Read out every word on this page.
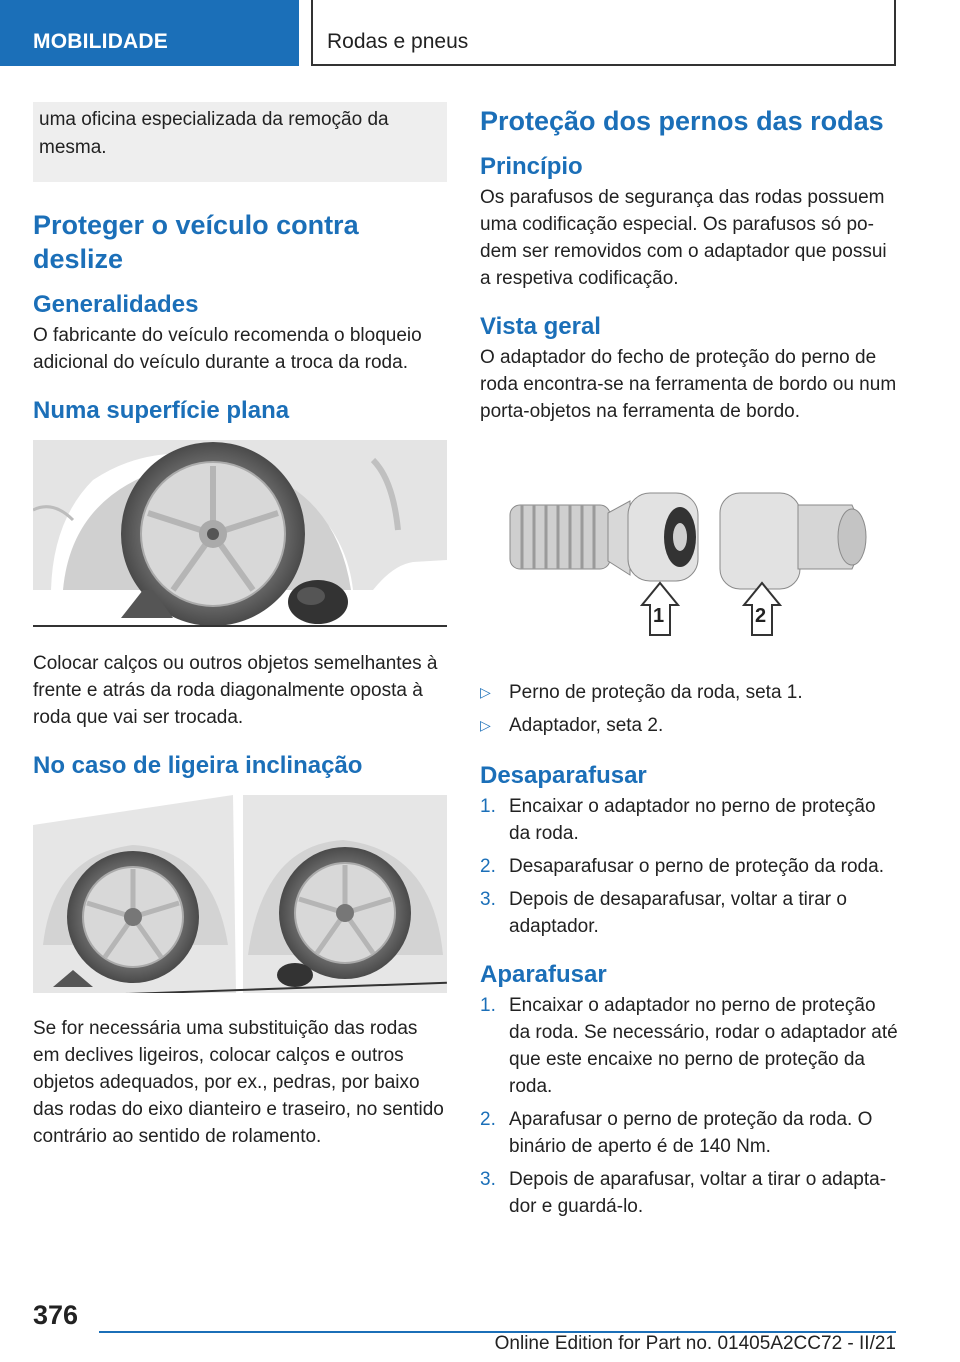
MOBILIDADE	Rodas e pneus
uma oficina especializada da remoção da mesma.
Proteger o veículo contra deslize
Generalidades

O fabricante do veículo recomenda o bloqueio adicional do veículo durante a troca da roda.

Numa superfície plana

Colocar calços ou outros objetos semelhantes à frente e atrás da roda diagonalmente oposta à roda que vai ser trocada.

No caso de ligeira inclinação

Se for necessária uma substituição das rodas em declives ligeiros, colocar calços e outros objetos adequados, por ex., pedras, por baixo das rodas do eixo dianteiro e traseiro, no sentido contrário ao sentido de rolamento.

Proteção dos pernos das rodas
Princípio

Os parafusos de segurança das rodas possuem uma codificação especial. Os parafusos só po-dem ser removidos com o adaptador que possui a respetiva codificação.

Vista geral

O adaptador do fecho de proteção do perno de roda encontra-se na ferramenta de bordo ou num porta-objetos na ferramenta de bordo.

1	2
▷ Perno de proteção da roda, seta 1.
▷ Adaptador, seta 2.
Desaparafusar
1. Encaixar o adaptador no perno de proteção da roda.
2. Desaparafusar o perno de proteção da roda.
3. Depois de desaparafusar, voltar a tirar o adaptador.
Aparafusar
1. Encaixar o adaptador no perno de proteção da roda. Se necessário, rodar o adaptador até que este encaixe no perno de proteção da roda.
2. Aparafusar o perno de proteção da roda. O binário de aperto é de 140 Nm.
3. Depois de aparafusar, voltar a tirar o adapta-dor e guardá-lo.
376
Online Edition for Part no. 01405A2CC72 - II/21
